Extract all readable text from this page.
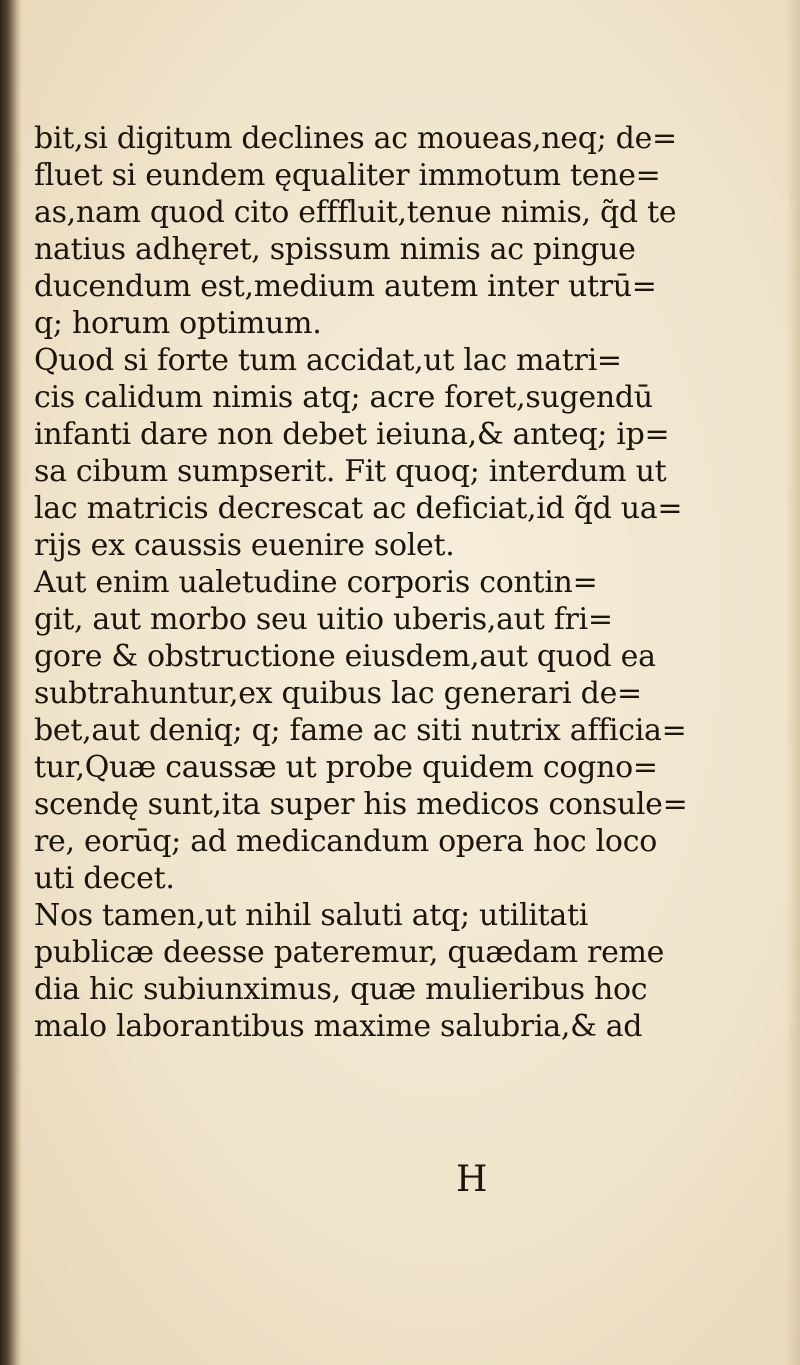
bit,si digitum declines ac moueas,neq; de=
fluet si eundem ęqualiter immotum tene=
as,nam quod cito efffluit,tenue nimis, q̃d te
natius adhęret, spissum nimis ac pingue
ducendum est,medium autem inter utrū=
q; horum optimum.
Quod si forte tum accidat,ut lac matri=
cis calidum nimis atq; acre foret,sugendū
infanti dare non debet ieiuna,& anteq; ip=
sa cibum sumpserit. Fit quoq; interdum ut
lac matricis decrescat ac deficiat,id q̃d ua=
rijs ex caussis euenire solet.
Aut enim ualetudine corporis contin=
git, aut morbo seu uitio uberis,aut fri=
gore & obstructione eiusdem,aut quod ea
subtrahuntur,ex quibus lac generari de=
bet,aut deniq; q; fame ac siti nutrix afficia=
tur,Quæ caussæ ut probe quidem cogno=
scendę sunt,ita super his medicos consule=
re, eorūq; ad medicandum opera hoc loco
uti decet.
Nos tamen,ut nihil saluti atq; utilitati
publicæ deesse pateremur, quædam reme
dia hic subiunximus, quæ mulieribus hoc
malo laborantibus maxime salubria,& ad
H
